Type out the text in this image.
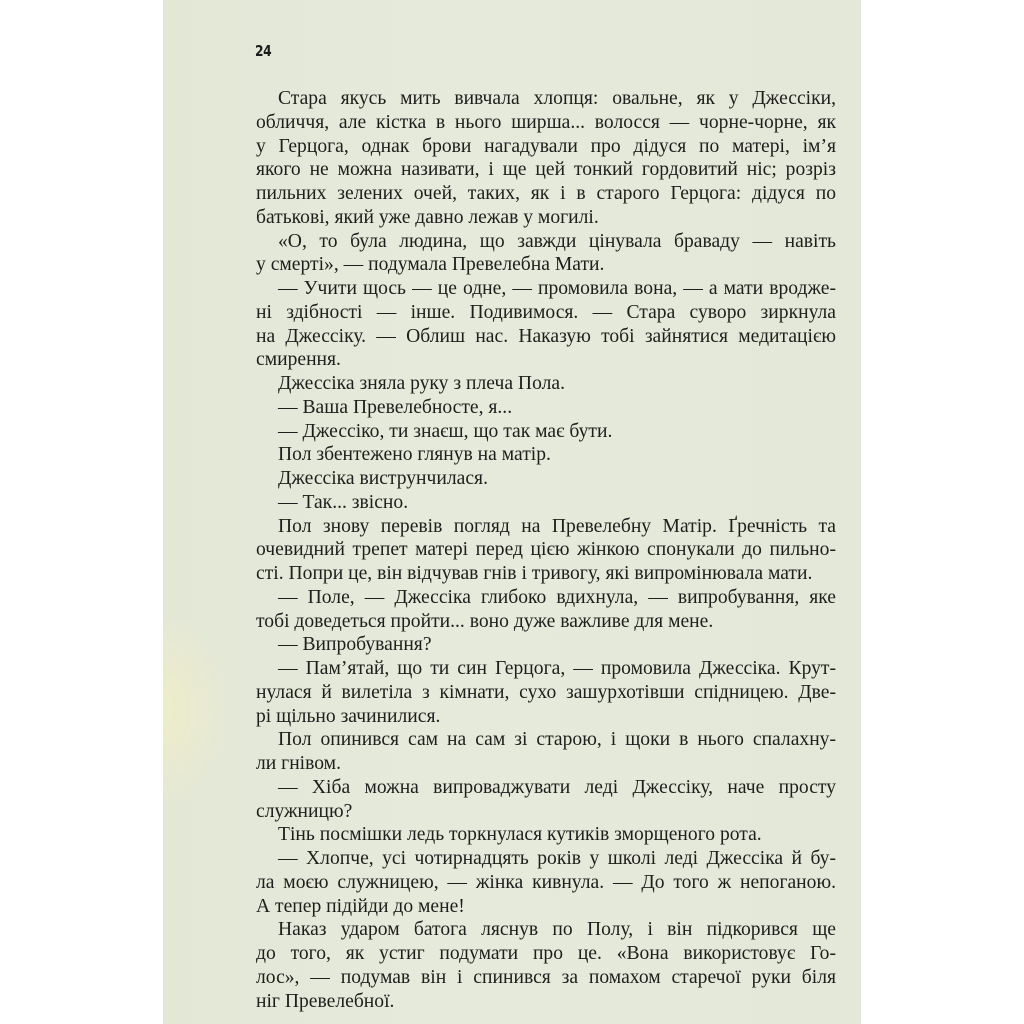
24
Стара якусь мить вивчала хлопця: овальне, як у Джессіки,
обличчя, але кістка в нього ширша... волосся — чорне-чорне, як
у Герцога, однак брови нагадували про дідуся по матері, ім’я
якого не можна називати, і ще цей тонкий гордовитий ніс; розріз
пильних зелених очей, таких, як і в старого Герцога: дідуся по
батькові, який уже давно лежав у могилі.
«О, то була людина, що завжди цінувала браваду — навіть
у смерті», — подумала Превелебна Мати.
— Учити щось — це одне, — промовила вона, — а мати вродже-
ні здібності — інше. Подивимося. — Стара суворо зиркнула
на Джессіку. — Облиш нас. Наказую тобі зайнятися медитацією
смирення.
Джессіка зняла руку з плеча Пола.
— Ваша Превелебносте, я...
— Джессіко, ти знаєш, що так має бути.
Пол збентежено глянув на матір.
Джессіка виструнчилася.
— Так... звісно.
Пол знову перевів погляд на Превелебну Матір. Ґречність та
очевидний трепет матері перед цією жінкою спонукали до пильно-
сті. Попри це, він відчував гнів і тривогу, які випромінювала мати.
— Поле, — Джессіка глибоко вдихнула, — випробування, яке
тобі доведеться пройти... воно дуже важливе для мене.
— Випробування?
— Пам’ятай, що ти син Герцога, — промовила Джессіка. Крут-
нулася й вилетіла з кімнати, сухо зашурхотівши спідницею. Две-
рі щільно зачинилися.
Пол опинився сам на сам зі старою, і щоки в нього спалахну-
ли гнівом.
— Хіба можна випроваджувати леді Джессіку, наче просту
служницю?
Тінь посмішки ледь торкнулася кутиків зморщеного рота.
— Хлопче, усі чотирнадцять років у школі леді Джессіка й бу-
ла моєю служницею, — жінка кивнула. — До того ж непоганою.
А тепер підійди до мене!
Наказ ударом батога ляснув по Полу, і він підкорився ще
до того, як устиг подумати про це. «Вона використовує Го-
лос», — подумав він і спинився за помахом старечої руки біля
ніг Превелебної.
